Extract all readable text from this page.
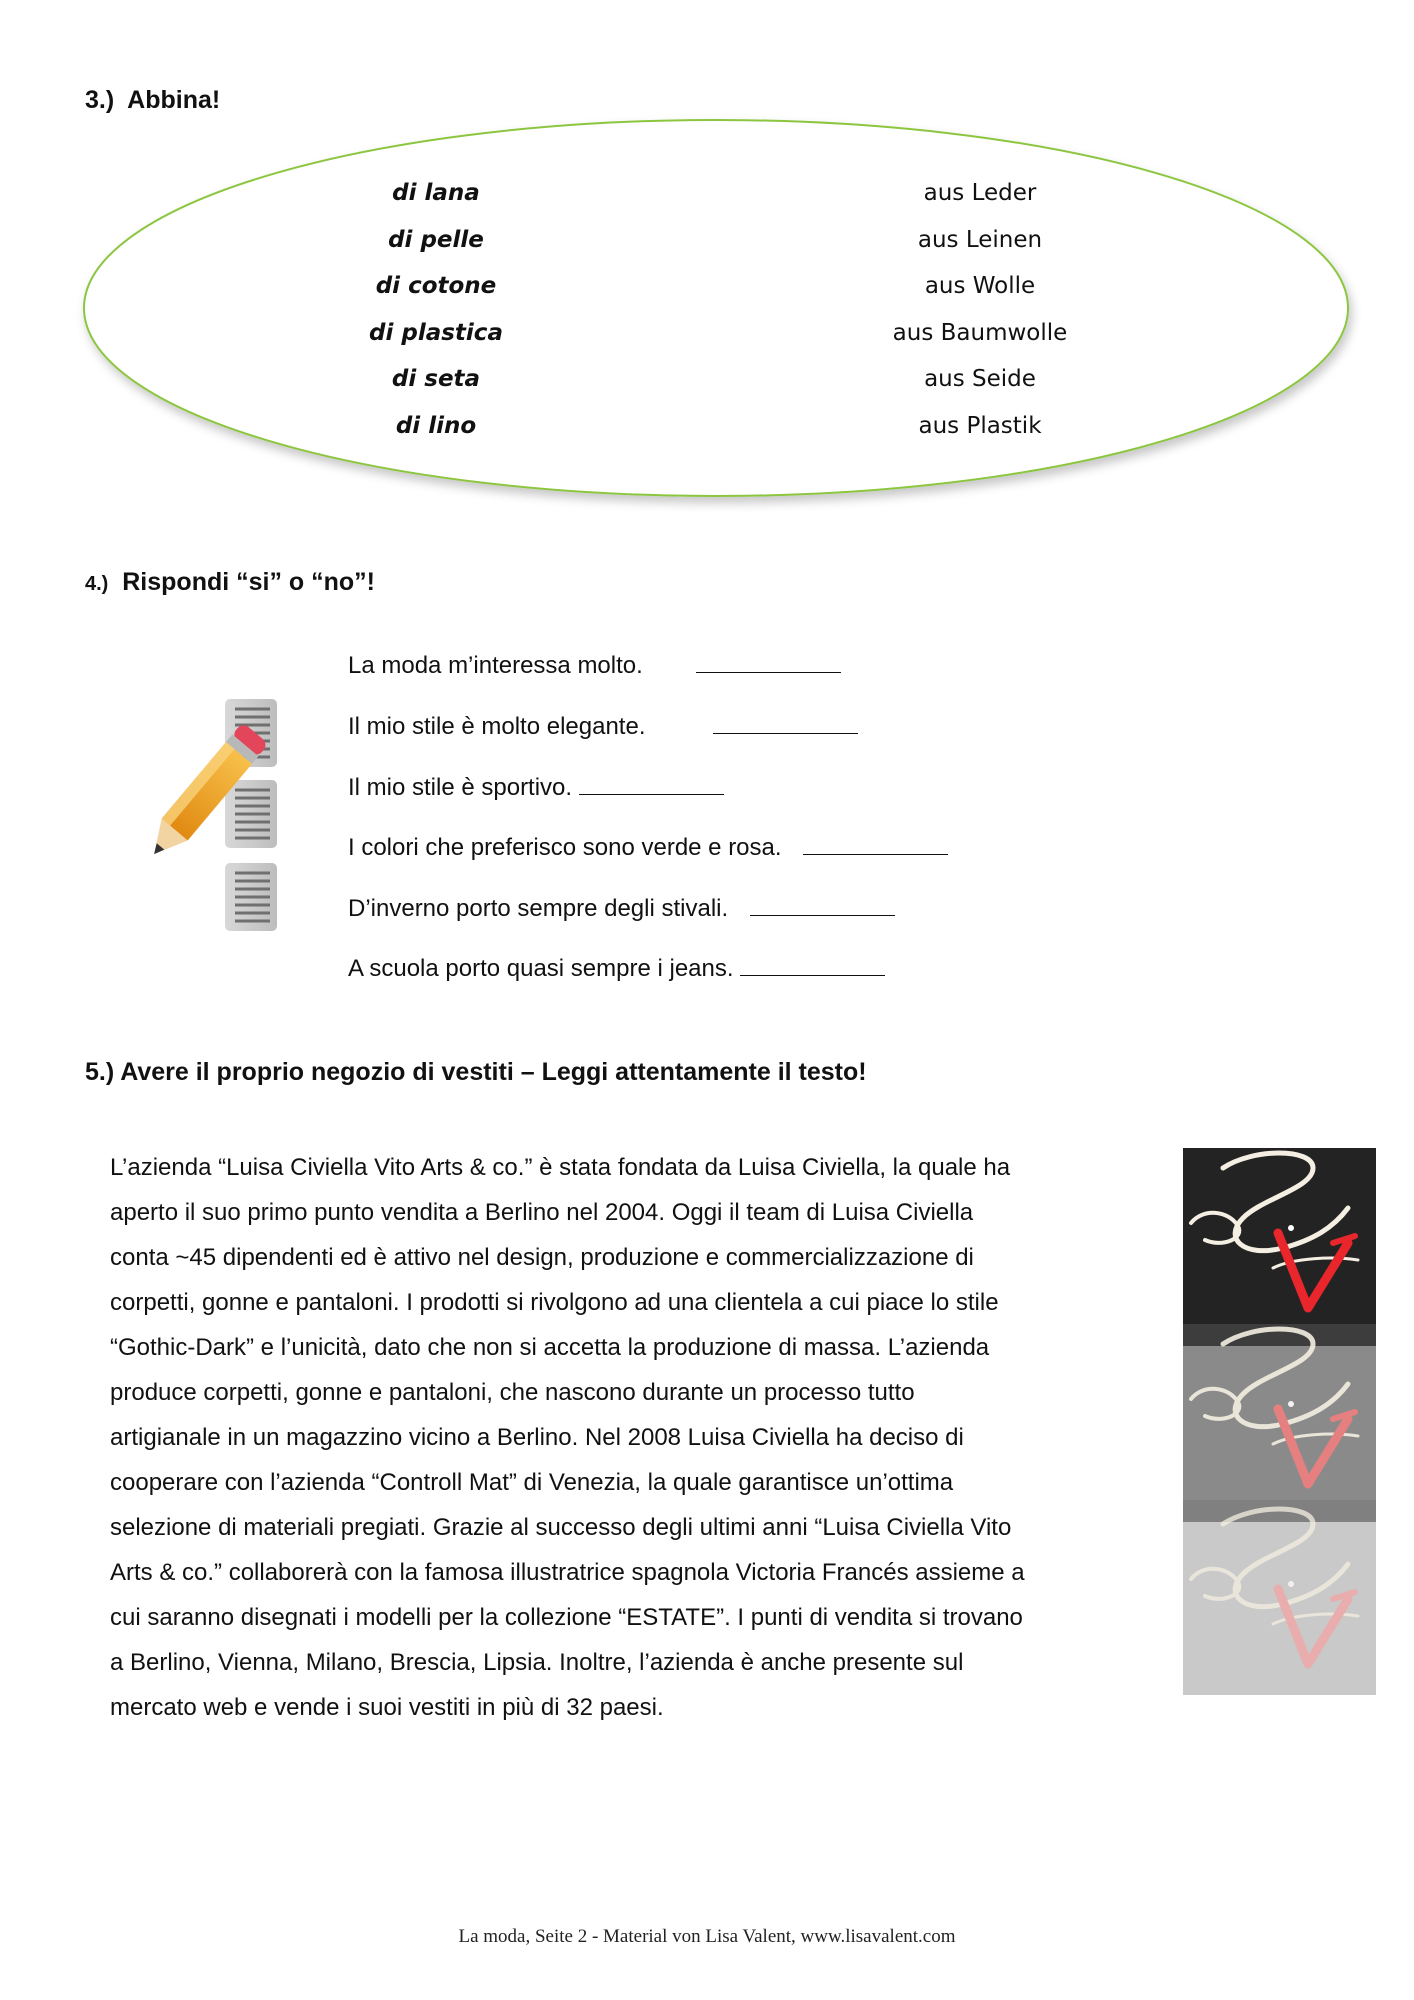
3.) Abbina!
di lana
di pelle
di cotone
di plastica
di seta
di lino
aus Leder
aus Leinen
aus Wolle
aus Baumwolle
aus Seide
aus Plastik
4.) Rispondi “si” o “no”!
La moda m’interessa molto.
Il mio stile è molto elegante.
Il mio stile è sportivo.
I colori che preferisco sono verde e rosa.
D’inverno porto sempre degli stivali.
A scuola porto quasi sempre i jeans.
5.) Avere il proprio negozio di vestiti – Leggi attentamente il testo!
L’azienda “Luisa Civiella Vito Arts & co.” è stata fondata da Luisa Civiella, la quale ha
aperto il suo primo punto vendita a Berlino nel 2004. Oggi il team di Luisa Civiella
conta ~45 dipendenti ed è attivo nel design, produzione e commercializzazione di
corpetti, gonne e pantaloni. I prodotti si rivolgono ad una clientela a cui piace lo stile
“Gothic-Dark” e l’unicità, dato che non si accetta la produzione di massa. L’azienda
produce corpetti, gonne e pantaloni, che nascono durante un processo tutto
artigianale in un magazzino vicino a Berlino. Nel 2008 Luisa Civiella ha deciso di
cooperare con l’azienda “Controll Mat” di Venezia, la quale garantisce un’ottima
selezione di materiali pregiati. Grazie al successo degli ultimi anni “Luisa Civiella Vito
Arts & co.” collaborerà con la famosa illustratrice spagnola Victoria Francés assieme a
cui saranno disegnati i modelli per la collezione “ESTATE”. I punti di vendita si trovano
a Berlino, Vienna, Milano, Brescia, Lipsia. Inoltre, l’azienda è anche presente sul
mercato web e vende i suoi vestiti in più di 32 paesi.
La moda, Seite 2 - Material von Lisa Valent, www.lisavalent.com
